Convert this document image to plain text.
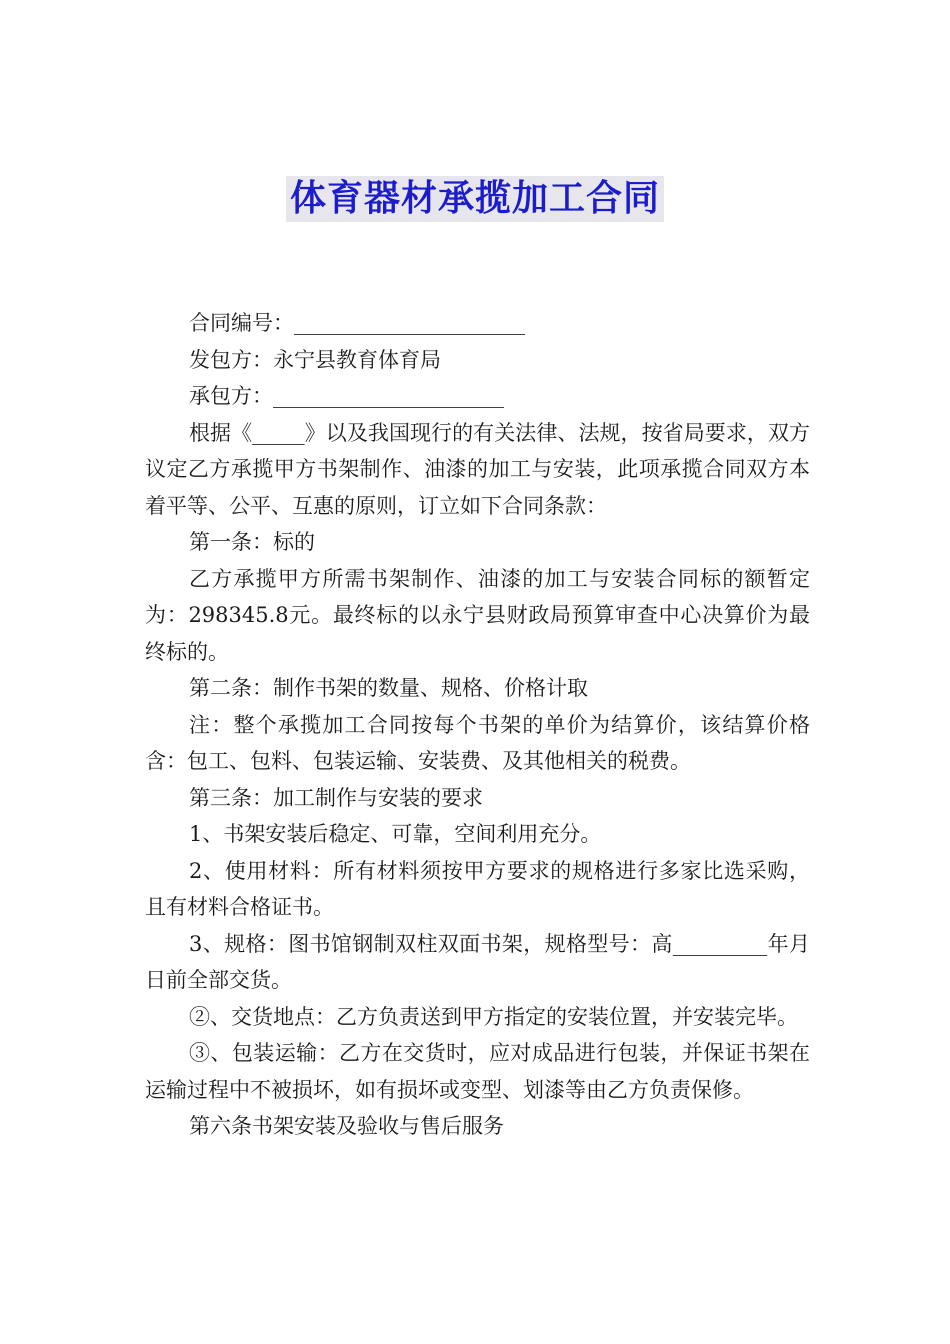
体育器材承揽加工合同

合同编号：______________________

发包方：永宁县教育体育局

承包方：______________________

根据《_____》以及我国现行的有关法律、法规，按省局要求，双方议定乙方承揽甲方书架制作、油漆的加工与安装，此项承揽合同双方本着平等、公平、互惠的原则，订立如下合同条款：

第一条：标的

乙方承揽甲方所需书架制作、油漆的加工与安装合同标的额暂定为：298345.8元。最终标的以永宁县财政局预算审查中心决算价为最终标的。

第二条：制作书架的数量、规格、价格计取

注：整个承揽加工合同按每个书架的单价为结算价，该结算价格含：包工、包料、包装运输、安装费、及其他相关的税费。

第三条：加工制作与安装的要求

1、书架安装后稳定、可靠，空间利用充分。

2、使用材料：所有材料须按甲方要求的规格进行多家比选采购，且有材料合格证书。

3、规格：图书馆钢制双柱双面书架，规格型号：高_________年月日前全部交货。

②、交货地点：乙方负责送到甲方指定的安装位置，并安装完毕。

③、包装运输：乙方在交货时，应对成品进行包装，并保证书架在运输过程中不被损坏，如有损坏或变型、划漆等由乙方负责保修。

第六条书架安装及验收与售后服务
